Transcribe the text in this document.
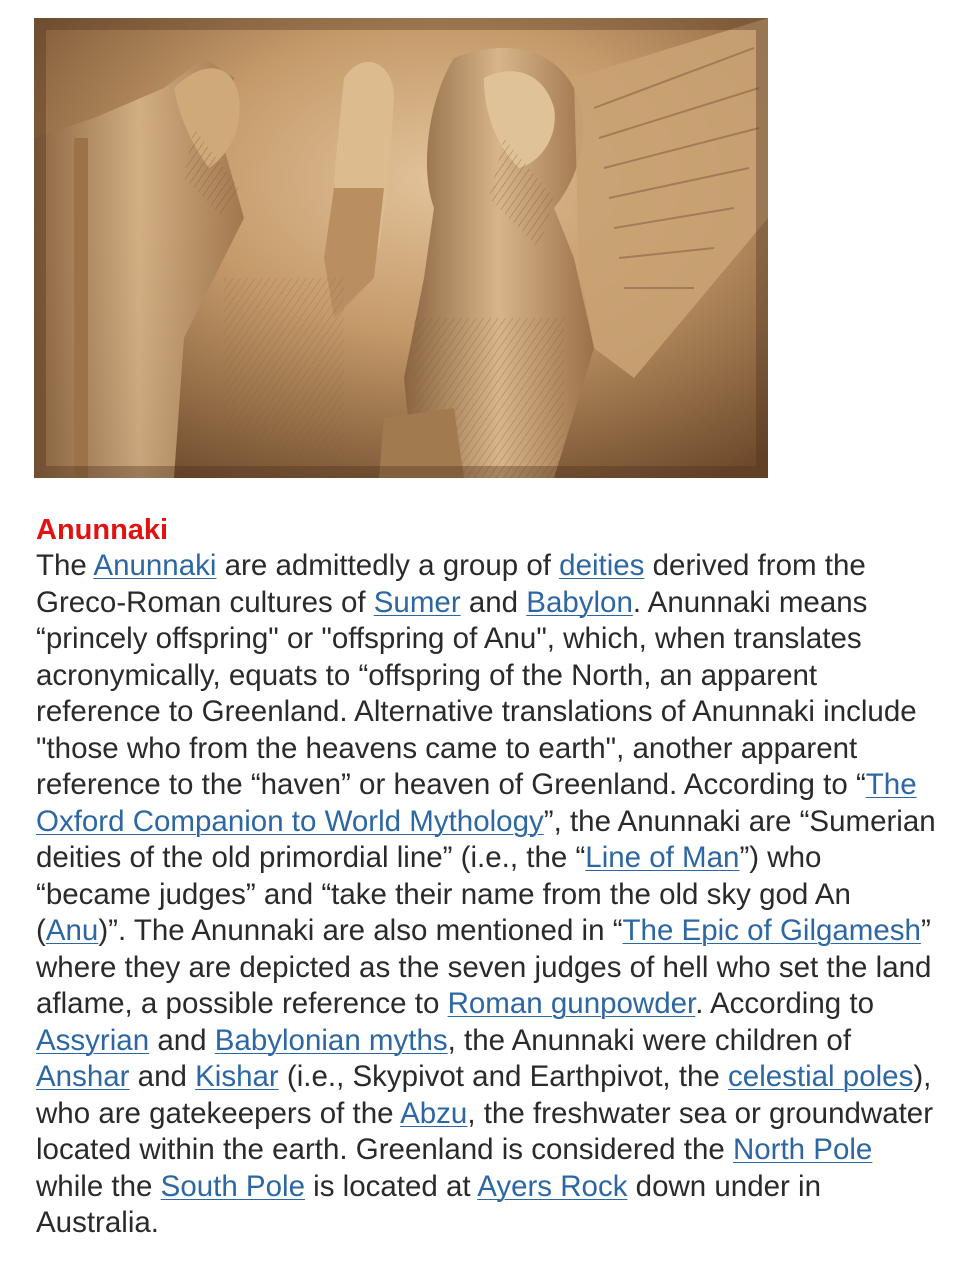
Anunnaki

The Anunnaki are admittedly a group of deities derived from the Greco-Roman cultures of Sumer and Babylon. Anunnaki means “princely offspring" or "offspring of Anu", which, when translates acronymically, equats to “offspring of the North, an apparent reference to Greenland. Alternative translations of Anunnaki include "those who from the heavens came to earth", another apparent reference to the “haven” or heaven of Greenland. According to “The Oxford Companion to World Mythology”, the Anunnaki are “Sumerian deities of the old primordial line” (i.e., the “Line of Man”) who “became judges” and “take their name from the old sky god An (Anu)”. The Anunnaki are also mentioned in “The Epic of Gilgamesh” where they are depicted as the seven judges of hell who set the land aflame, a possible reference to Roman gunpowder. According to Assyrian and Babylonian myths, the Anunnaki were children of Anshar and Kishar (i.e., Skypivot and Earthpivot, the celestial poles), who are gatekeepers of the Abzu, the freshwater sea or groundwater located within the earth. Greenland is considered the North Pole while the South Pole is located at Ayers Rock down under in Australia.
